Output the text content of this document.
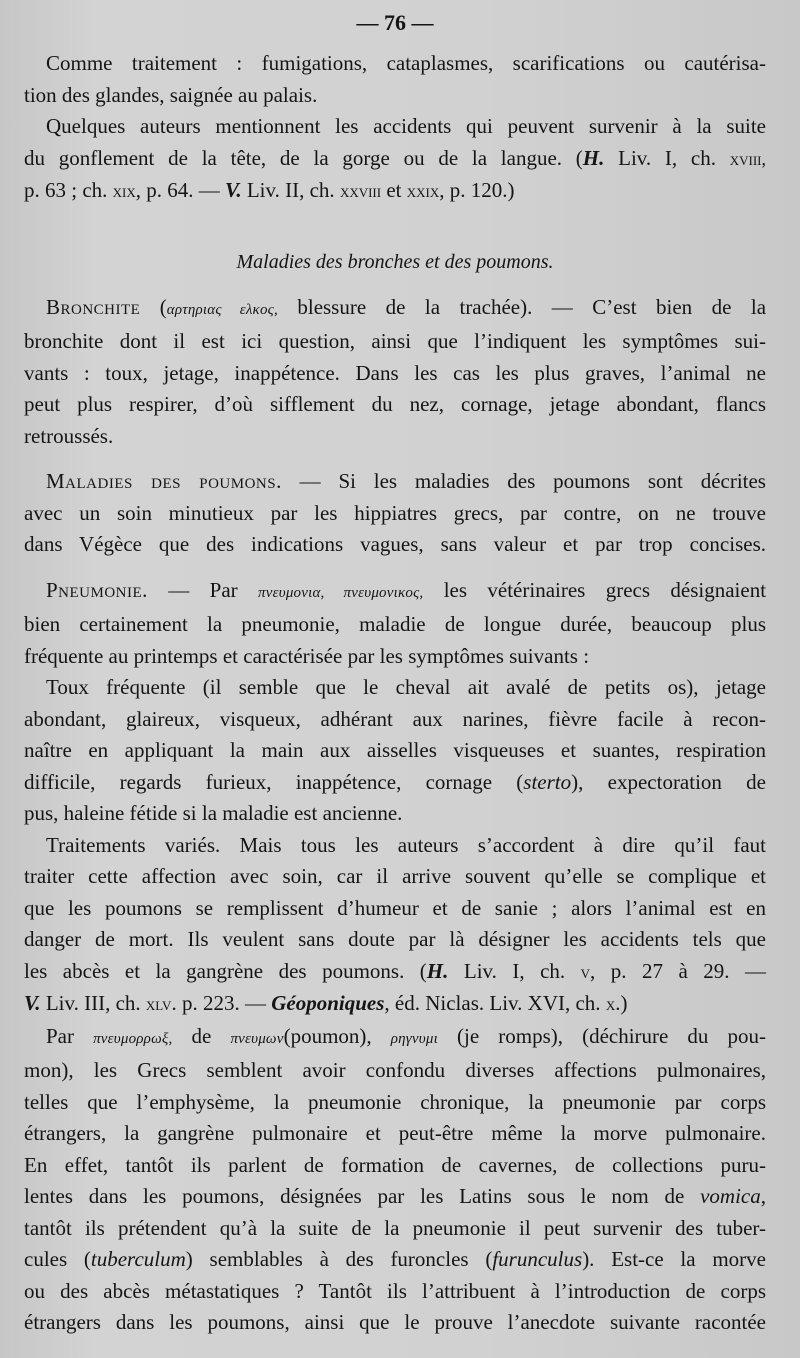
— 76 —
Comme traitement : fumigations, cataplasmes, scarifications ou cautérisa-
tion des glandes, saignée au palais.
Quelques auteurs mentionnent les accidents qui peuvent survenir à la suite
du gonflement de la tête, de la gorge ou de la langue. (H. Liv. I, ch. xviii,
p. 63 ; ch. xix, p. 64. — V. Liv. II, ch. xxviii et xxix, p. 120.)
Maladies des bronches et des poumons.
Bronchite (αρτηριας ελκος, blessure de la trachée). — C’est bien de la
bronchite dont il est ici question, ainsi que l’indiquent les symptômes sui-
vants : toux, jetage, inappétence. Dans les cas les plus graves, l’animal ne
peut plus respirer, d’où sifflement du nez, cornage, jetage abondant, flancs
retroussés.
Maladies des poumons. — Si les maladies des poumons sont décrites
avec un soin minutieux par les hippiatres grecs, par contre, on ne trouve
dans Végèce que des indications vagues, sans valeur et par trop concises.
Pneumonie. — Par πνευμονια, πνευμονικος, les vétérinaires grecs désignaient
bien certainement la pneumonie, maladie de longue durée, beaucoup plus
fréquente au printemps et caractérisée par les symptômes suivants :
Toux fréquente (il semble que le cheval ait avalé de petits os), jetage
abondant, glaireux, visqueux, adhérant aux narines, fièvre facile à recon-
naître en appliquant la main aux aisselles visqueuses et suantes, respiration
difficile, regards furieux, inappétence, cornage (sterto), expectoration de
pus, haleine fétide si la maladie est ancienne.
Traitements variés. Mais tous les auteurs s’accordent à dire qu’il faut
traiter cette affection avec soin, car il arrive souvent qu’elle se complique et
que les poumons se remplissent d’humeur et de sanie ; alors l’animal est en
danger de mort. Ils veulent sans doute par là désigner les accidents tels que
les abcès et la gangrène des poumons. (H. Liv. I, ch. v, p. 27 à 29. —
V. Liv. III, ch. xlv. p. 223. — Géoponiques, éd. Niclas. Liv. XVI, ch. x.)
Par πνευμορρωξ, de πνευμων(poumon), ρηγνυμι (je romps), (déchirure du pou-
mon), les Grecs semblent avoir confondu diverses affections pulmonaires,
telles que l’emphysème, la pneumonie chronique, la pneumonie par corps
étrangers, la gangrène pulmonaire et peut-être même la morve pulmonaire.
En effet, tantôt ils parlent de formation de cavernes, de collections puru-
lentes dans les poumons, désignées par les Latins sous le nom de vomica,
tantôt ils prétendent qu’à la suite de la pneumonie il peut survenir des tuber-
cules (tuberculum) semblables à des furoncles (furunculus). Est-ce la morve
ou des abcès métastatiques ? Tantôt ils l’attribuent à l’introduction de corps
étrangers dans les poumons, ainsi que le prouve l’anecdote suivante racontée
